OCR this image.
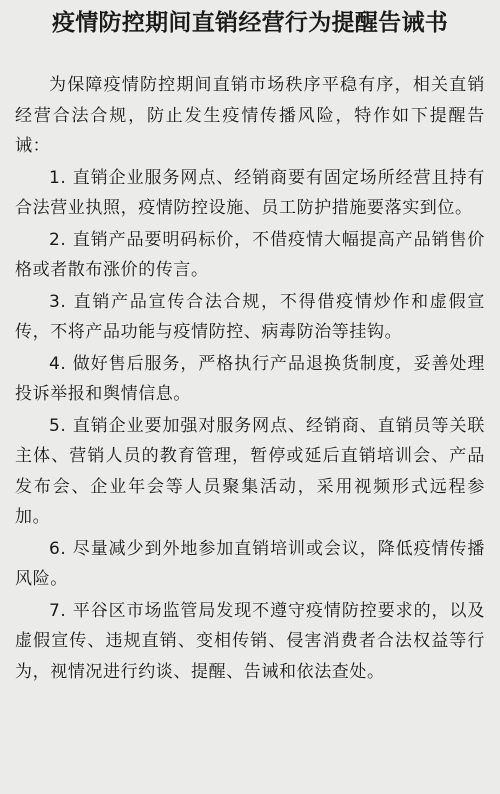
疫情防控期间直销经营行为提醒告诫书

为保障疫情防控期间直销市场秩序平稳有序，相关直销经营合法合规，防止发生疫情传播风险，特作如下提醒告诫：

1. 直销企业服务网点、经销商要有固定场所经营且持有合法营业执照，疫情防控设施、员工防护措施要落实到位。

2. 直销产品要明码标价，不借疫情大幅提高产品销售价格或者散布涨价的传言。

3. 直销产品宣传合法合规，不得借疫情炒作和虚假宣传，不将产品功能与疫情防控、病毒防治等挂钩。

4. 做好售后服务，严格执行产品退换货制度，妥善处理投诉举报和舆情信息。

5. 直销企业要加强对服务网点、经销商、直销员等关联主体、营销人员的教育管理，暂停或延后直销培训会、产品发布会、企业年会等人员聚集活动，采用视频形式远程参加。

6. 尽量减少到外地参加直销培训或会议，降低疫情传播风险。

7. 平谷区市场监管局发现不遵守疫情防控要求的，以及虚假宣传、违规直销、变相传销、侵害消费者合法权益等行为，视情况进行约谈、提醒、告诫和依法查处。
